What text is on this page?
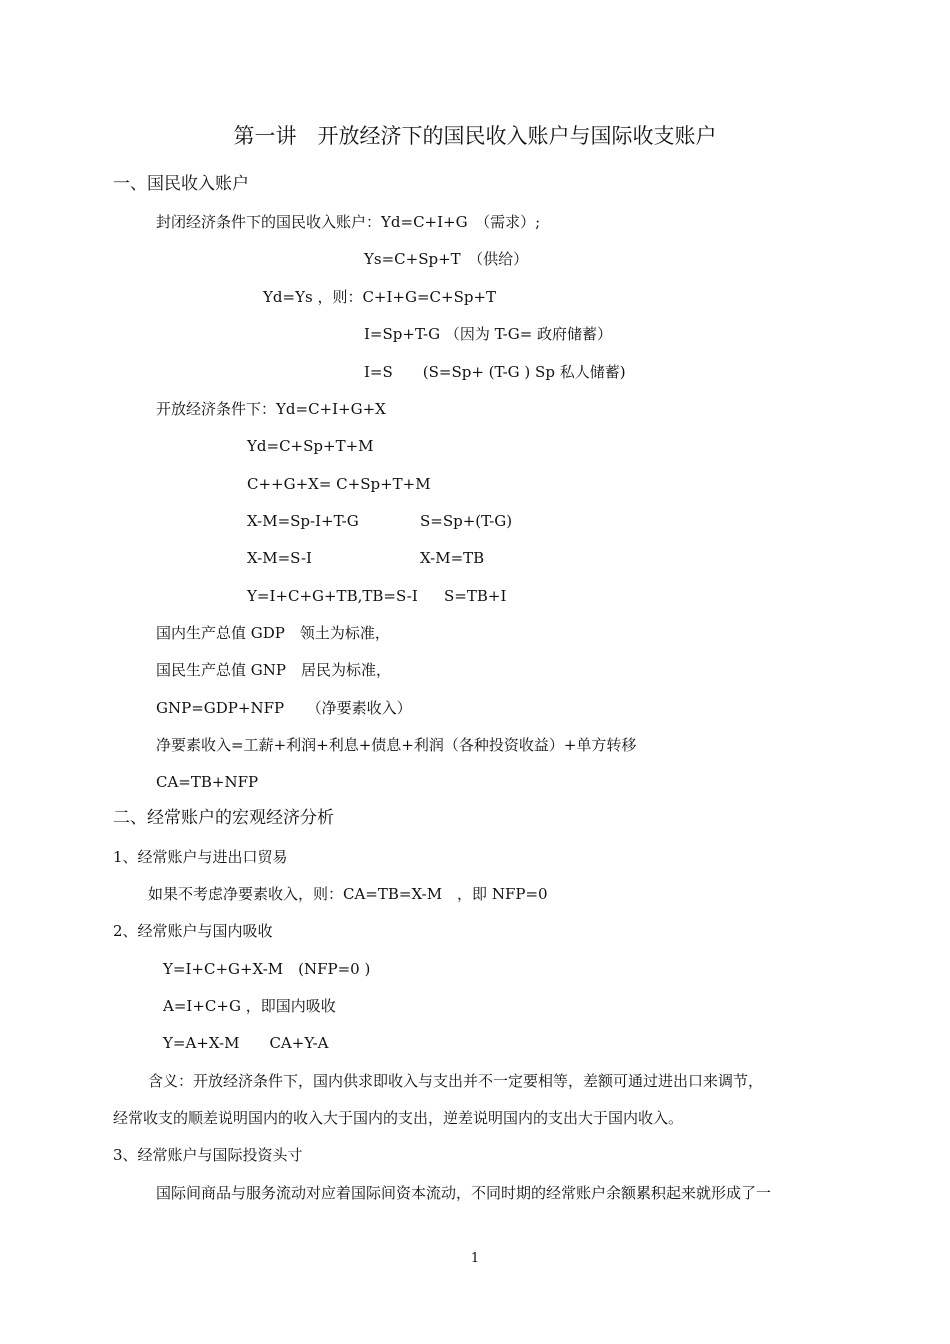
第一讲　开放经济下的国民收入账户与国际收支账户
一、国民收入账户
封闭经济条件下的国民收入账户：Yd=C+I+G　（需求）;
Ys=C+Sp+T　（供给）
Yd=Ys ，则：C+I+G=C+Sp+T
I=Sp+T-G （因为 T-G= 政府储蓄）
I=S　　(S=Sp+ (T-G ) Sp 私人储蓄)
开放经济条件下：Yd=C+I+G+X
Yd=C+Sp+T+M
C++G+X= C+Sp+T+M
X-M=Sp-I+T-G	S=Sp+(T-G)
X-M=S-I	X-M=TB
Y=I+C+G+TB,TB=S-I S=TB+I
国内生产总值 GDP　领土为标准，
国民生产总值 GNP　居民为标准，
GNP=GDP+NFP　　（净要素收入）
净要素收入=工薪+利润+利息+债息+利润（各种投资收益）+单方转移
CA=TB+NFP
二、经常账户的宏观经济分析
1、经常账户与进出口贸易
如果不考虑净要素收入，则：CA=TB=X-M　，即 NFP=0
2、经常账户与国内吸收
Y=I+C+G+X-M　(NFP=0 )
A=I+C+G ，即国内吸收
Y=A+X-M　　CA+Y-A
含义：开放经济条件下，国内供求即收入与支出并不一定要相等，差额可通过进出口来调节，
经常收支的顺差说明国内的收入大于国内的支出，逆差说明国内的支出大于国内收入。
3、经常账户与国际投资头寸
国际间商品与服务流动对应着国际间资本流动，不同时期的经常账户余额累积起来就形成了一
1
